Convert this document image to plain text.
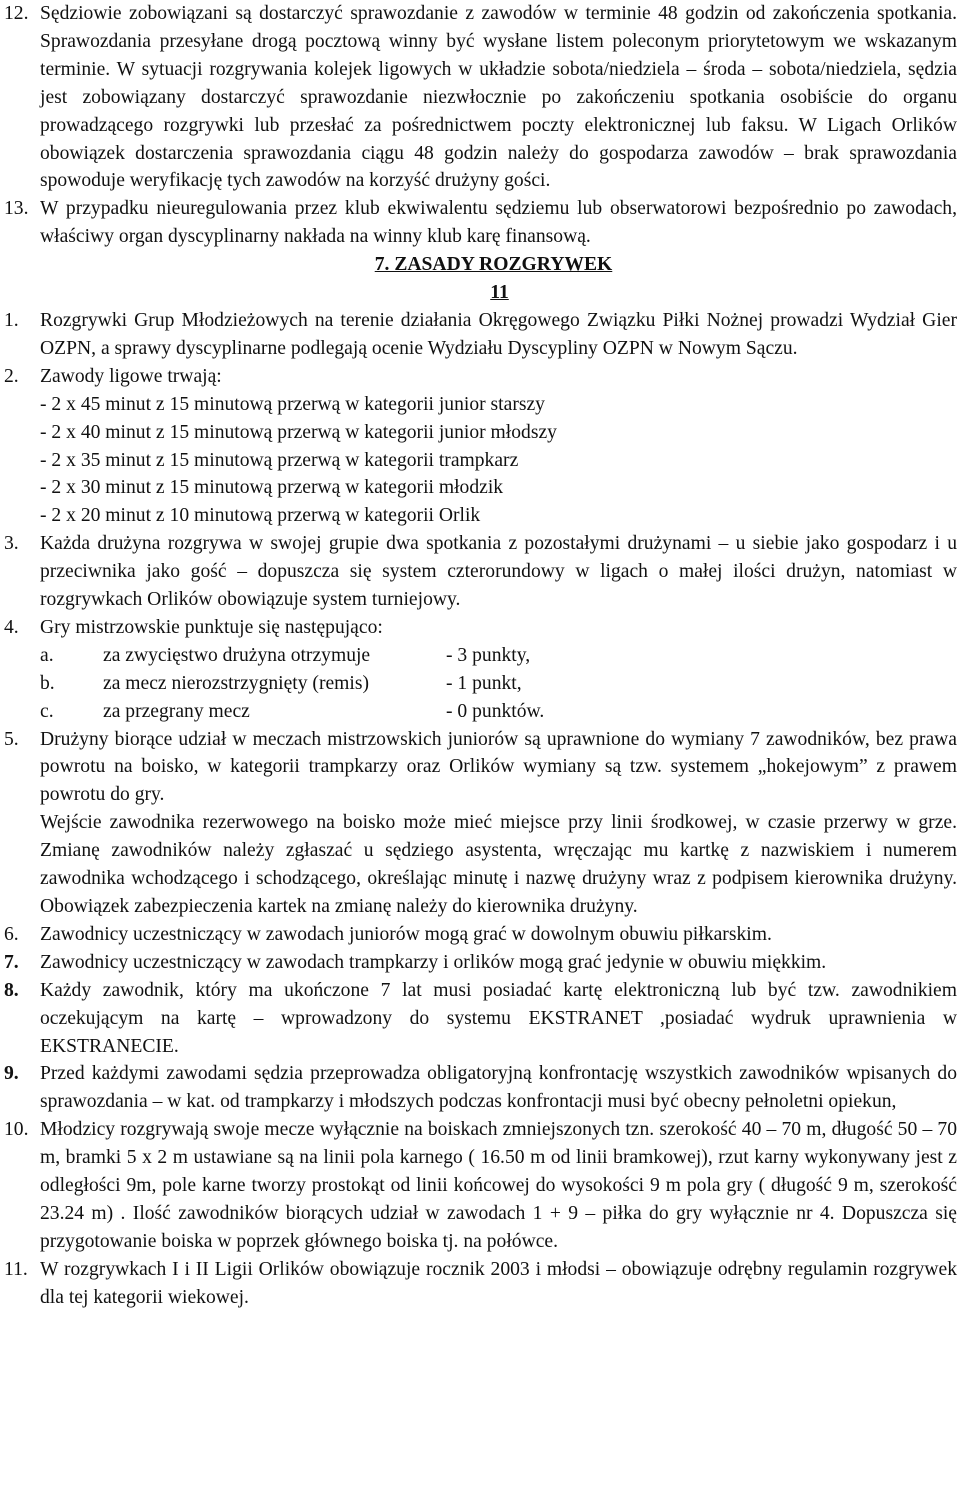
12. Sędziowie zobowiązani są dostarczyć sprawozdanie z zawodów w terminie 48 godzin od zakończenia spotkania. Sprawozdania przesyłane drogą pocztową winny być wysłane listem poleconym priorytetowym we wskazanym terminie. W sytuacji rozgrywania kolejek ligowych w układzie sobota/niedziela – środa – sobota/niedziela, sędzia jest zobowiązany dostarczyć sprawozdanie niezwłocznie po zakończeniu spotkania osobiście do organu prowadzącego rozgrywki lub przesłać za pośrednictwem poczty elektronicznej lub faksu. W Ligach Orlików obowiązek dostarczenia sprawozdania ciągu 48 godzin należy do gospodarza zawodów – brak sprawozdania spowoduje weryfikację tych zawodów na korzyść drużyny gości.
13. W przypadku nieuregulowania przez klub ekwiwalentu sędziemu lub obserwatorowi bezpośrednio po zawodach, właściwy organ dyscyplinarny nakłada na winny klub karę finansową.
7. ZASADY ROZGRYWEK
11
1.	Rozgrywki Grup Młodzieżowych na terenie działania Okręgowego Związku Piłki Nożnej prowadzi Wydział Gier OZPN, a sprawy dyscyplinarne podlegają ocenie Wydziału Dyscypliny OZPN w Nowym Sączu.
2.	Zawody ligowe trwają:
- 2 x 45 minut z 15 minutową przerwą w kategorii junior starszy
- 2 x 40 minut z 15 minutową przerwą w kategorii junior młodszy
- 2 x 35 minut z 15 minutową przerwą w kategorii trampkarz
- 2 x 30 minut z 15 minutową przerwą w kategorii młodzik
- 2 x 20 minut z 10 minutową przerwą w kategorii Orlik
3.	Każda drużyna rozgrywa w swojej grupie dwa spotkania z pozostałymi drużynami – u siebie jako gospodarz i u przeciwnika jako gość – dopuszcza się system czterorundowy w ligach o małej ilości drużyn, natomiast w rozgrywkach Orlików obowiązuje system turniejowy.
4.	Gry mistrzowskie punktuje się następująco:
a.	za zwycięstwo drużyna otrzymuje	- 3 punkty,
b.	za mecz nierozstrzygnięty (remis)	- 1 punkt,
c.	za przegrany mecz	- 0 punktów.
5.	Drużyny biorące udział w meczach mistrzowskich juniorów są uprawnione do wymiany 7 zawodników, bez prawa powrotu na boisko, w kategorii trampkarzy oraz Orlików wymiany są tzw. systemem „hokejowym” z prawem powrotu do gry.

Wejście zawodnika rezerwowego na boisko może mieć miejsce przy linii środkowej, w czasie przerwy w grze. Zmianę zawodników należy zgłaszać u sędziego asystenta, wręczając mu kartkę z nazwiskiem i numerem zawodnika wchodzącego i schodzącego, określając minutę i nazwę drużyny wraz z podpisem kierownika drużyny. Obowiązek zabezpieczenia kartek na zmianę należy do kierownika drużyny.

6.	Zawodnicy uczestniczący w zawodach juniorów mogą grać w dowolnym obuwiu piłkarskim.
7.	Zawodnicy uczestniczący w zawodach trampkarzy i orlików mogą grać jedynie w obuwiu miękkim.
8.	Każdy zawodnik, który ma ukończone 7 lat musi posiadać kartę elektroniczną lub być tzw. zawodnikiem oczekującym na kartę – wprowadzony do systemu EKSTRANET ,posiadać wydruk uprawnienia w EKSTRANECIE.
9.	Przed każdymi zawodami sędzia przeprowadza obligatoryjną konfrontację wszystkich zawodników wpisanych do sprawozdania – w kat. od trampkarzy i młodszych podczas konfrontacji musi być obecny pełnoletni opiekun,
10. Młodzicy rozgrywają swoje mecze wyłącznie na boiskach zmniejszonych tzn. szerokość 40 – 70 m, długość 50 – 70 m, bramki 5 x 2 m ustawiane są na linii pola karnego ( 16.50 m od linii bramkowej), rzut karny wykonywany jest z odległości 9m, pole karne tworzy prostokąt od linii końcowej do wysokości 9 m pola gry ( długość 9 m, szerokość 23.24 m) . Ilość zawodników biorących udział w zawodach 1 + 9 – piłka do gry wyłącznie nr 4. Dopuszcza się przygotowanie boiska w poprzek głównego boiska tj. na połówce.
11. W rozgrywkach I i II Ligii Orlików obowiązuje rocznik 2003 i młodsi – obowiązuje odrębny regulamin rozgrywek dla tej kategorii wiekowej.
